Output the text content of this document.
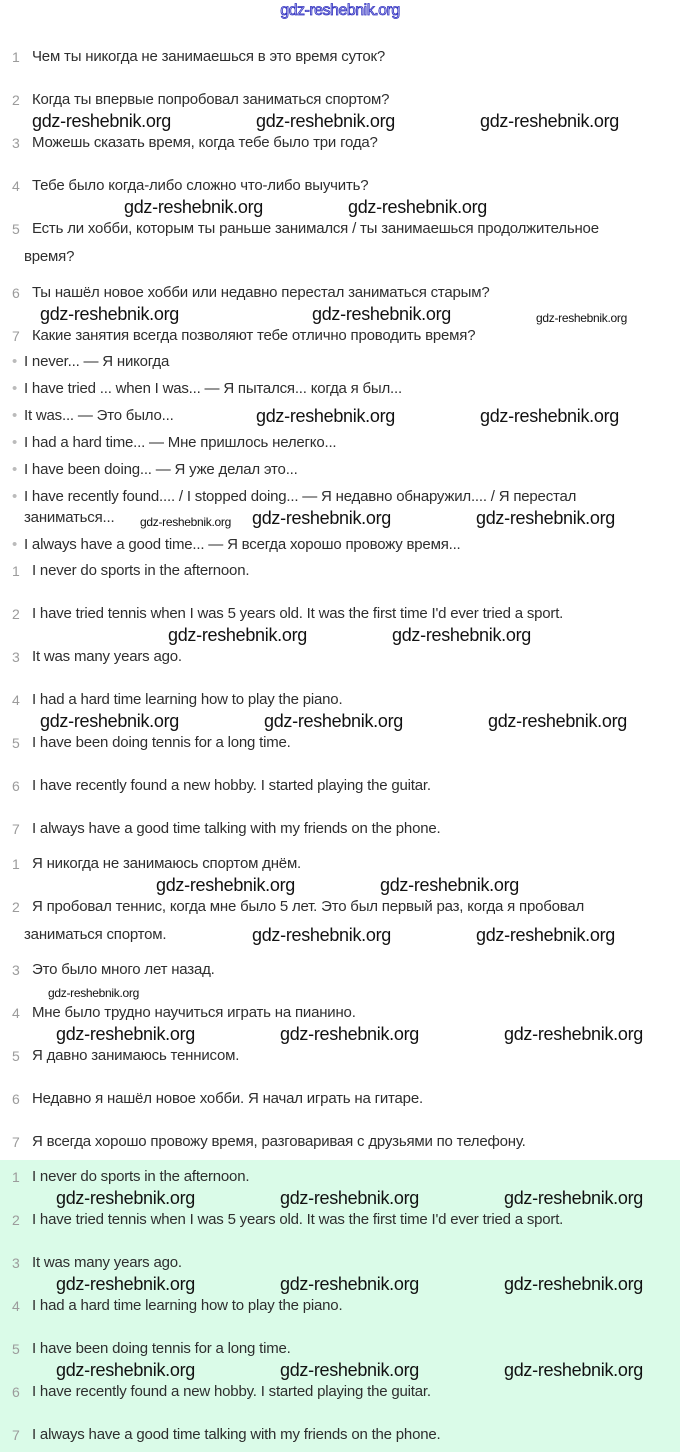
gdz-reshebnik.org
1 Чем ты никогда не занимаешься в это время суток?
2 Когда ты впервые попробовал заниматься спортом?
3 Можешь сказать время, когда тебе было три года?
4 Тебе было когда-либо сложно что-либо выучить?
5 Есть ли хобби, которым ты раньше занимался / ты занимаешься продолжительное
время?
6 Ты нашёл новое хобби или недавно перестал заниматься старым?
7 Какие занятия всегда позволяют тебе отлично проводить время?
• I never... — Я никогда
• I have tried ... when I was... — Я пытался... когда я был...
• It was... — Это было...
• I had a hard time... — Мне пришлось нелегко...
• I have been doing... — Я уже делал это...
• I have recently found.... / I stopped doing... — Я недавно обнаружил.... / Я перестал
заниматься...
• I always have a good time... — Я всегда хорошо провожу время...
1 I never do sports in the afternoon.
2 I have tried tennis when I was 5 years old. It was the first time I'd ever tried a sport.
3 It was many years ago.
4 I had a hard time learning how to play the piano.
5 I have been doing tennis for a long time.
6 I have recently found a new hobby. I started playing the guitar.
7 I always have a good time talking with my friends on the phone.
1 Я никогда не занимаюсь спортом днём.
2 Я пробовал теннис, когда мне было 5 лет. Это был первый раз, когда я пробовал
заниматься спортом.
3 Это было много лет назад.
4 Мне было трудно научиться играть на пианино.
5 Я давно занимаюсь теннисом.
6 Недавно я нашёл новое хобби. Я начал играть на гитаре.
7 Я всегда хорошо провожу время, разговаривая с друзьями по телефону.
1 I never do sports in the afternoon.
2 I have tried tennis when I was 5 years old. It was the first time I'd ever tried a sport.
3 It was many years ago.
4 I had a hard time learning how to play the piano.
5 I have been doing tennis for a long time.
6 I have recently found a new hobby. I started playing the guitar.
7 I always have a good time talking with my friends on the phone.
gdz-reshebnik.org	gdz-reshebnik.org	gdz-reshebnik.org
gdz-reshebnik.org	gdz-reshebnik.org
gdz-reshebnik.org	gdz-reshebnik.org	gdz-reshebnik.org
gdz-reshebnik.org	gdz-reshebnik.org
gdz-reshebnik.org gdz-reshebnik.org	gdz-reshebnik.org
gdz-reshebnik.org	gdz-reshebnik.org
gdz-reshebnik.org	gdz-reshebnik.org	gdz-reshebnik.org
gdz-reshebnik.org	gdz-reshebnik.org
gdz-reshebnik.org	gdz-reshebnik.org
gdz-reshebnik.org
gdz-reshebnik.org	gdz-reshebnik.org	gdz-reshebnik.org
gdz-reshebnik.org	gdz-reshebnik.org	gdz-reshebnik.org
gdz-reshebnik.org	gdz-reshebnik.org	gdz-reshebnik.org
gdz-reshebnik.org	gdz-reshebnik.org	gdz-reshebnik.org
